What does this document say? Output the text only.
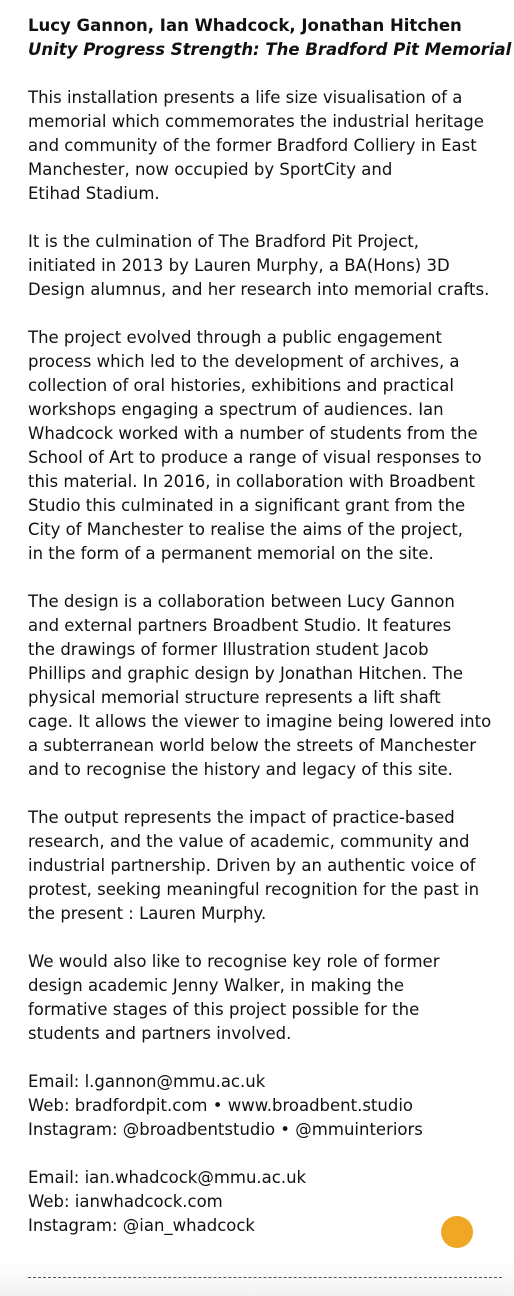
Lucy Gannon, Ian Whadcock, Jonathan Hitchen
Unity Progress Strength: The Bradford Pit Memorial
This installation presents a life size visualisation of a
memorial which commemorates the industrial heritage
and community of the former Bradford Colliery in East
Manchester, now occupied by SportCity and
Etihad Stadium.
It is the culmination of The Bradford Pit Project,
initiated in 2013 by Lauren Murphy, a BA(Hons) 3D
Design alumnus, and her research into memorial crafts.
The project evolved through a public engagement
process which led to the development of archives, a
collection of oral histories, exhibitions and practical
workshops engaging a spectrum of audiences. Ian
Whadcock worked with a number of students from the
School of Art to produce a range of visual responses to
this material. In 2016, in collaboration with Broadbent
Studio this culminated in a significant grant from the
City of Manchester to realise the aims of the project,
in the form of a permanent memorial on the site.
The design is a collaboration between Lucy Gannon
and external partners Broadbent Studio. It features
the drawings of former Illustration student Jacob
Phillips and graphic design by Jonathan Hitchen. The
physical memorial structure represents a lift shaft
cage. It allows the viewer to imagine being lowered into
a subterranean world below the streets of Manchester
and to recognise the history and legacy of this site.
The output represents the impact of practice-based
research, and the value of academic, community and
industrial partnership. Driven by an authentic voice of
protest, seeking meaningful recognition for the past in
the present : Lauren Murphy.
We would also like to recognise key role of former
design academic Jenny Walker, in making the
formative stages of this project possible for the
students and partners involved.
Email: l.gannon@mmu.ac.uk
Web: bradfordpit.com • www.broadbent.studio
Instagram: @broadbentstudio • @mmuinteriors
Email: ian.whadcock@mmu.ac.uk
Web: ianwhadcock.com
Instagram: @ian_whadcock
